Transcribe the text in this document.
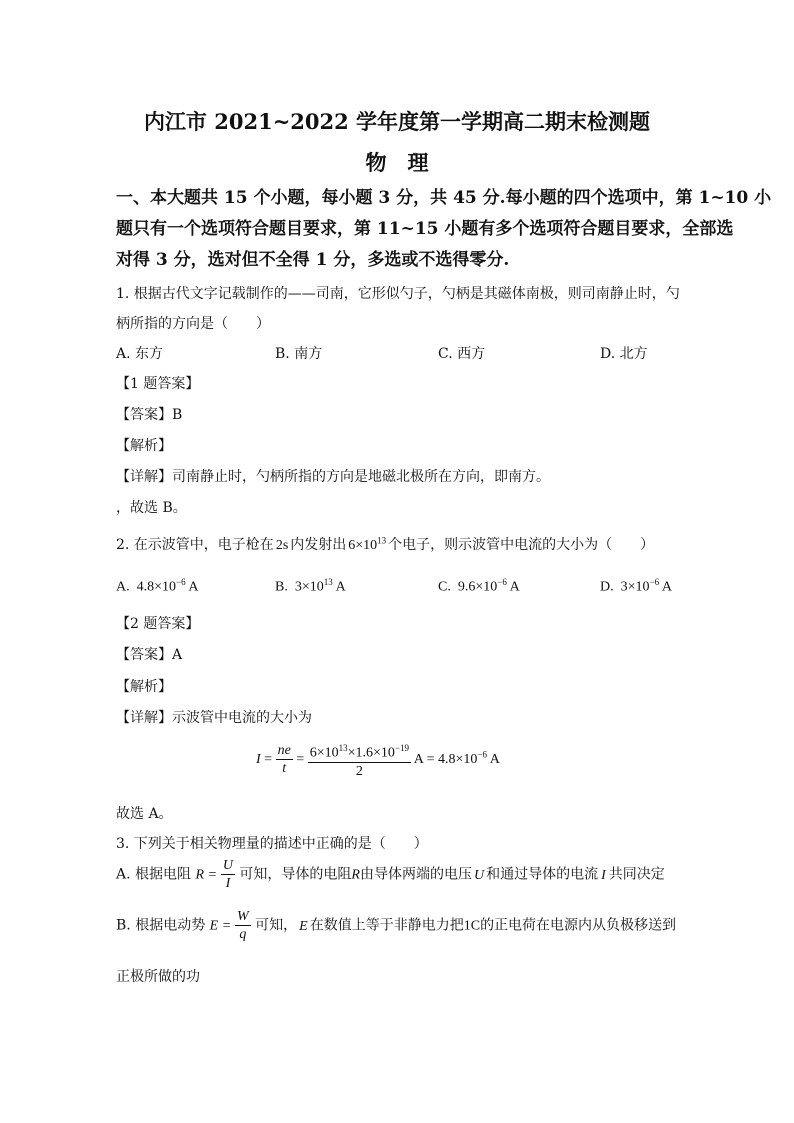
内江市 2021~2022 学年度第一学期高二期末检测题
物　理
一、本大题共 15 个小题，每小题 3 分，共 45 分.每小题的四个选项中，第 1~10 小
题只有一个选项符合题目要求，第 11~15 小题有多个选项符合题目要求，全部选
对得 3 分，选对但不全得 1 分，多选或不选得零分.
1. 根据古代文字记载制作的——司南，它形似勺子，勺柄是其磁体南极，则司南静止时，勺
柄所指的方向是（　　）
A. 东方	B. 南方	C. 西方	D. 北方
【1 题答案】
【答案】B
【解析】
【详解】司南静止时，勺柄所指的方向是地磁北极所在方向，即南方。
，故选 B。
2. 在示波管中，电子枪在 2s 内发射出 $6\times 10^{13}$ 个电子，则示波管中电流的大小为（　　）
A. $4.8\times 10^{-6}$  A	B. $3\times 10^{13}$  A	C. $9.6\times 10^{-6}$  A	D. $3\times 10^{-6}$  A
【2 题答案】
【答案】A
【解析】
【详解】示波管中电流的大小为
$I = \frac{ne}{t} = \frac{6\times 10^{13}\times 1.6\times 10^{-19}}{2}$ $A = 4.8\times 10^{-6}$  A
故选 A。
3. 下列关于相关物理量的描述中正确的是（　　）
A. 根据电阻 $R = \frac{U}{I}$ 可知，导体的电阻R由导体两端的电压 U 和通过导体的电流 I 共同决定
B. 根据电动势 $E = \frac{W}{q}$ 可知， E 在数值上等于非静电力把1C的正电荷在电源内从负极移送到
正极所做的功
